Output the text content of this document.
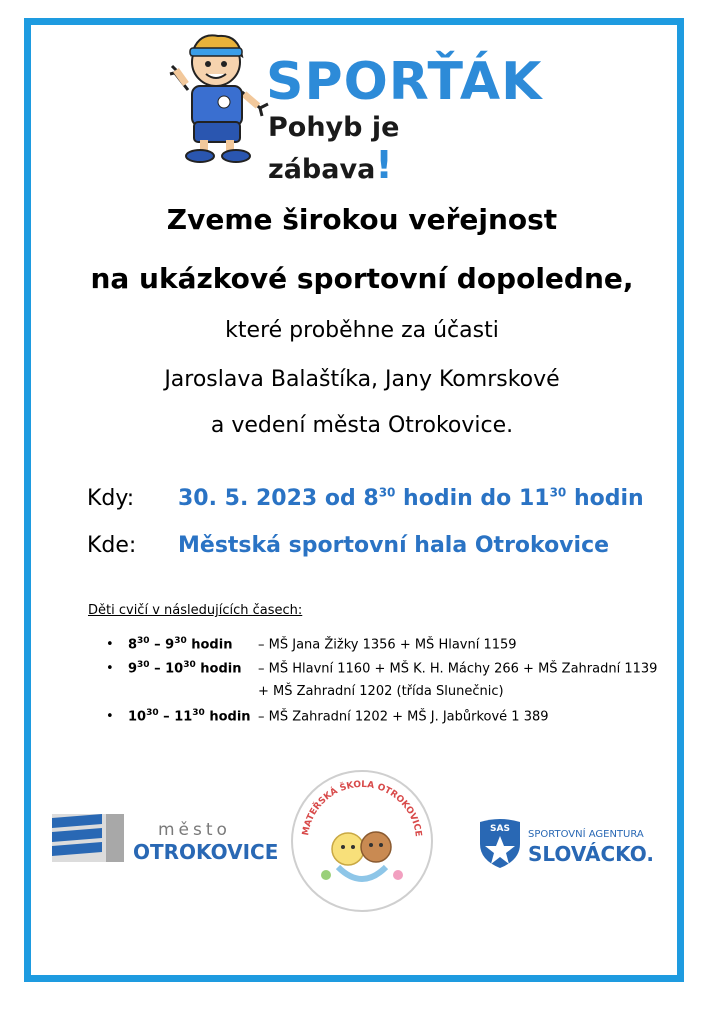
SPORŤÁK
Pohyb je zábava!
Zveme širokou veřejnost
na ukázkové sportovní dopoledne,
které proběhne za účasti
Jaroslava Balaštíka, Jany Komrskové
a vedení města Otrokovice.
Kdy: 30. 5. 2023 od $8^{30}$ hodin do $11^{30}$ hodin
Kde: Městská sportovní hala Otrokovice
Děti cvičí v následujících časech:
• $8^{30} - 9^{30}$ hodin – MŠ Jana Žižky 1356 + MŠ Hlavní 1159
• $9^{30} - 10^{30}$ hodin – MŠ Hlavní 1160 + MŠ K. H. Máchy 266 + MŠ Zahradní 1139
+ MŠ Zahradní 1202 (třída Slunečnic)
• $10^{30} - 11^{30}$ hodin – MŠ Zahradní 1202 + MŠ J. Jabůrkové 1 389
město
OTROKOVICE
MATEŘSKÁ ŠKOLA OTROKOVICE	SAS SPORTOVNÍ AGENTURA
SLOVÁCKO.
